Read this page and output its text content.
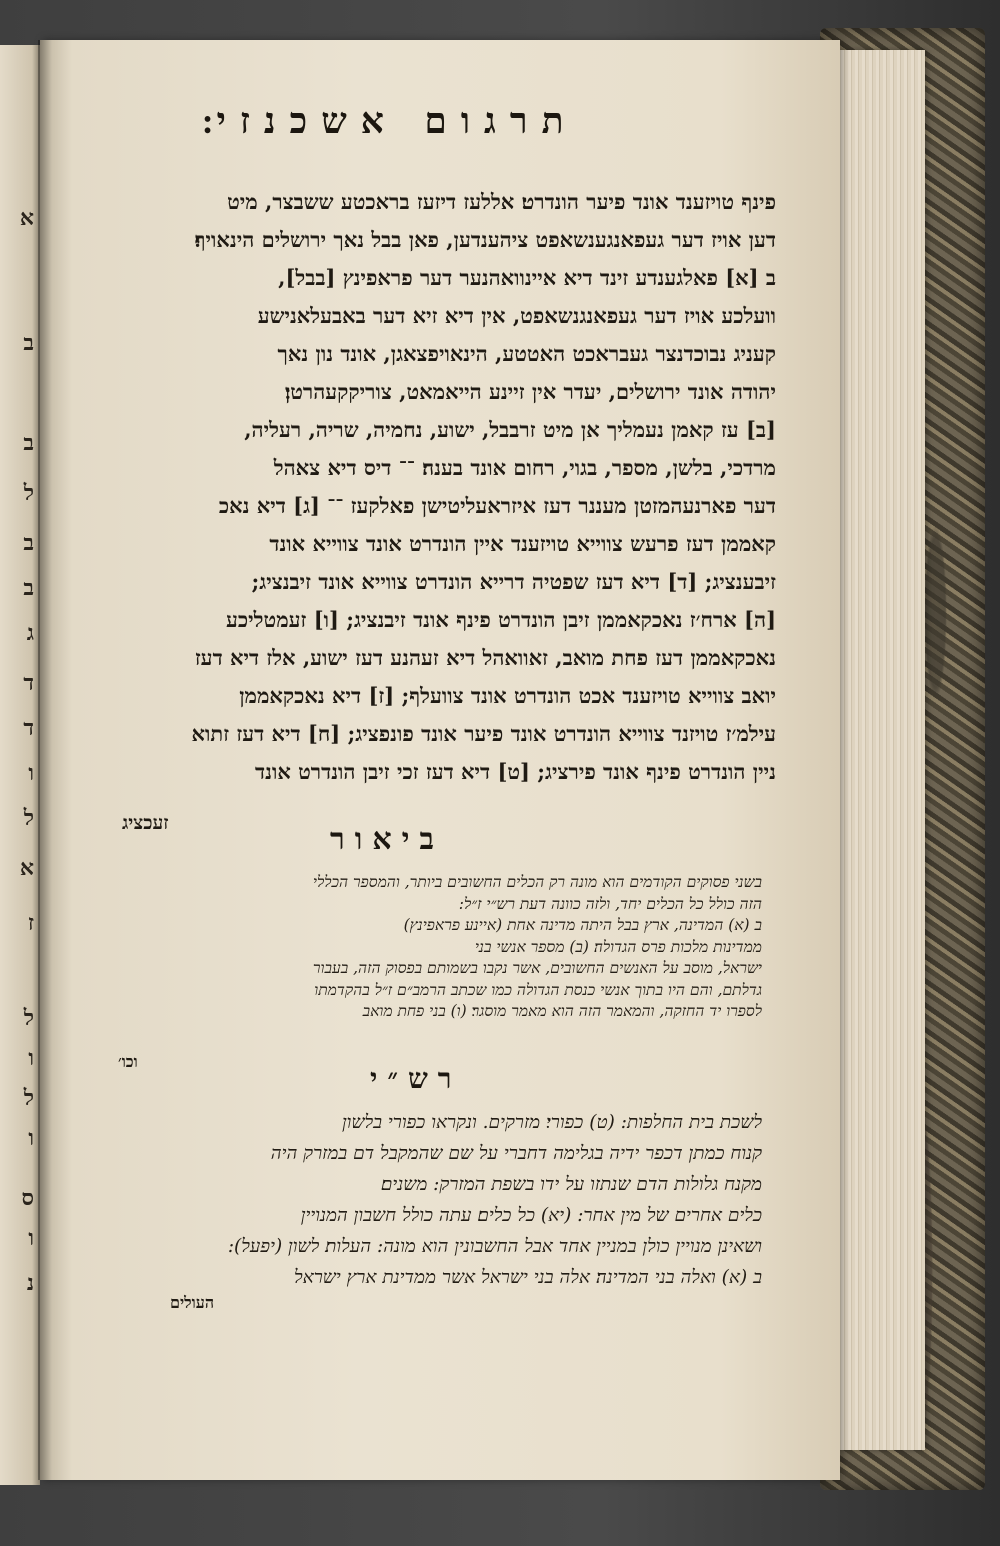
א
ב
ב
ל
ב
ב
ג
ד
ד
ו
ל
א
ז
ל
ו
ל
ו
ס
ו
נ
תרגום אשכנזי׃

פינף טויזענד אונד פיער הונדרט׃ אללעז דיזעז בראכטע ששבצר, מיט

דען אויז דער געפאנגענשאפט ציהענדען, פאן בבל נאך ירושלים הינאויף׃

ב [א] פאלגענדע זינד דיא איינוואהנער דער פראפינץ [בבל],

וועלכע אויז דער געפאנגנשאפט, אין דיא זיא דער באבעלאנישע

קעניג נבוכדנצר געבראכט האטטע, הינאויפצאגן, אונד נון נאך

יהודה אונד ירושלים, יעדר אין זיינע הייאמאט, צוריקקעהרטן׃

[ב] עז קאמן נעמליך אן מיט זרבבל, ישוע, נחמיה, שריה, רעליה,

מרדכי, בלשן, מספר, בגוי, רחום אונד בענה׃ ־־ דיס דיא צאהל

דער פארנעהמזטן מעננר דעז איזראעליטישן פאלקעז ־־ [ג] דיא נאכ

קאממן דעז פרעש צווייא טויזענד איין הונדרט אונד צווייא אונד

זיבענציג; [ד] דיא דעז שפטיה דרייא הונדרט צווייא אונד זיבנציג;

[ה] ארח׳ז נאכקאממן זיבן הונדרט פינף אונד זיבנציג; [ו] זעמטליכע

נאכקאממן דעז פחת מואב, זאוואהל דיא זעהנע דעז ישוע, אלז דיא דעז

יואב צווייא טויזענד אכט הונדרט אונד צוועלף; [ז] דיא נאכקאממן

עילמ׳ז טויזנד צווייא הונדרט אונד פיער אונד פונפציג; [ח] דיא דעז זתוא

ניין הונדרט פינף אונד פירציג; [ט] דיא דעז זכי זיבן הונדרט אונד

זעכציג	ביאור

בשני פסוקים הקודמים הוא מונה רק הכלים החשובים ביותר, והמספר הכללי

הזה כולל כל הכלים יחד, ולזה כוונה דעת רש״י ז״ל:

ב (א) המדינה, ארץ בבל היתה מדינה אחת (איינע פראפינץ)

ממדינות מלכות פרס הגדולה׃ (ב) מספר אנשי בני

ישראל, מוסב על האנשים החשובים, אשר נקבו בשמותם בפסוק הזה, בעבור

גדלתם, והם היו בתוך אנשי כנסת הגדולה כמו שכתב הרמב״ם ז״ל בהקדמתו

לספרו יד החזקה, והמאמר הזה הוא מאמר מוסגר׃ (ו) בני פחת מואב

וכו׳
רש״י

לשכת בית החלפות: (ט) כפורי׃ מזרקים. ונקראו כפורי בלשון

קנוח כמתן דכפר ידיה בגלימה דחברי על שם שהמקבל דם במזרק היה

מקנח גלולות הדם שנתזו על ידו בשפת המזרק: משנים׃

כלים אחרים של מין אחר: (יא) כל כלים׃ עתה כולל חשבון המנויין

ושאינן מנויין כולן במניין אחד אבל החשבונין הוא מונה: העלות׃ לשון (יפעל):

ב (א) ואלה בני המדינה׃ אלה בני ישראל אשר ממדינת ארץ ישראל

העולים
